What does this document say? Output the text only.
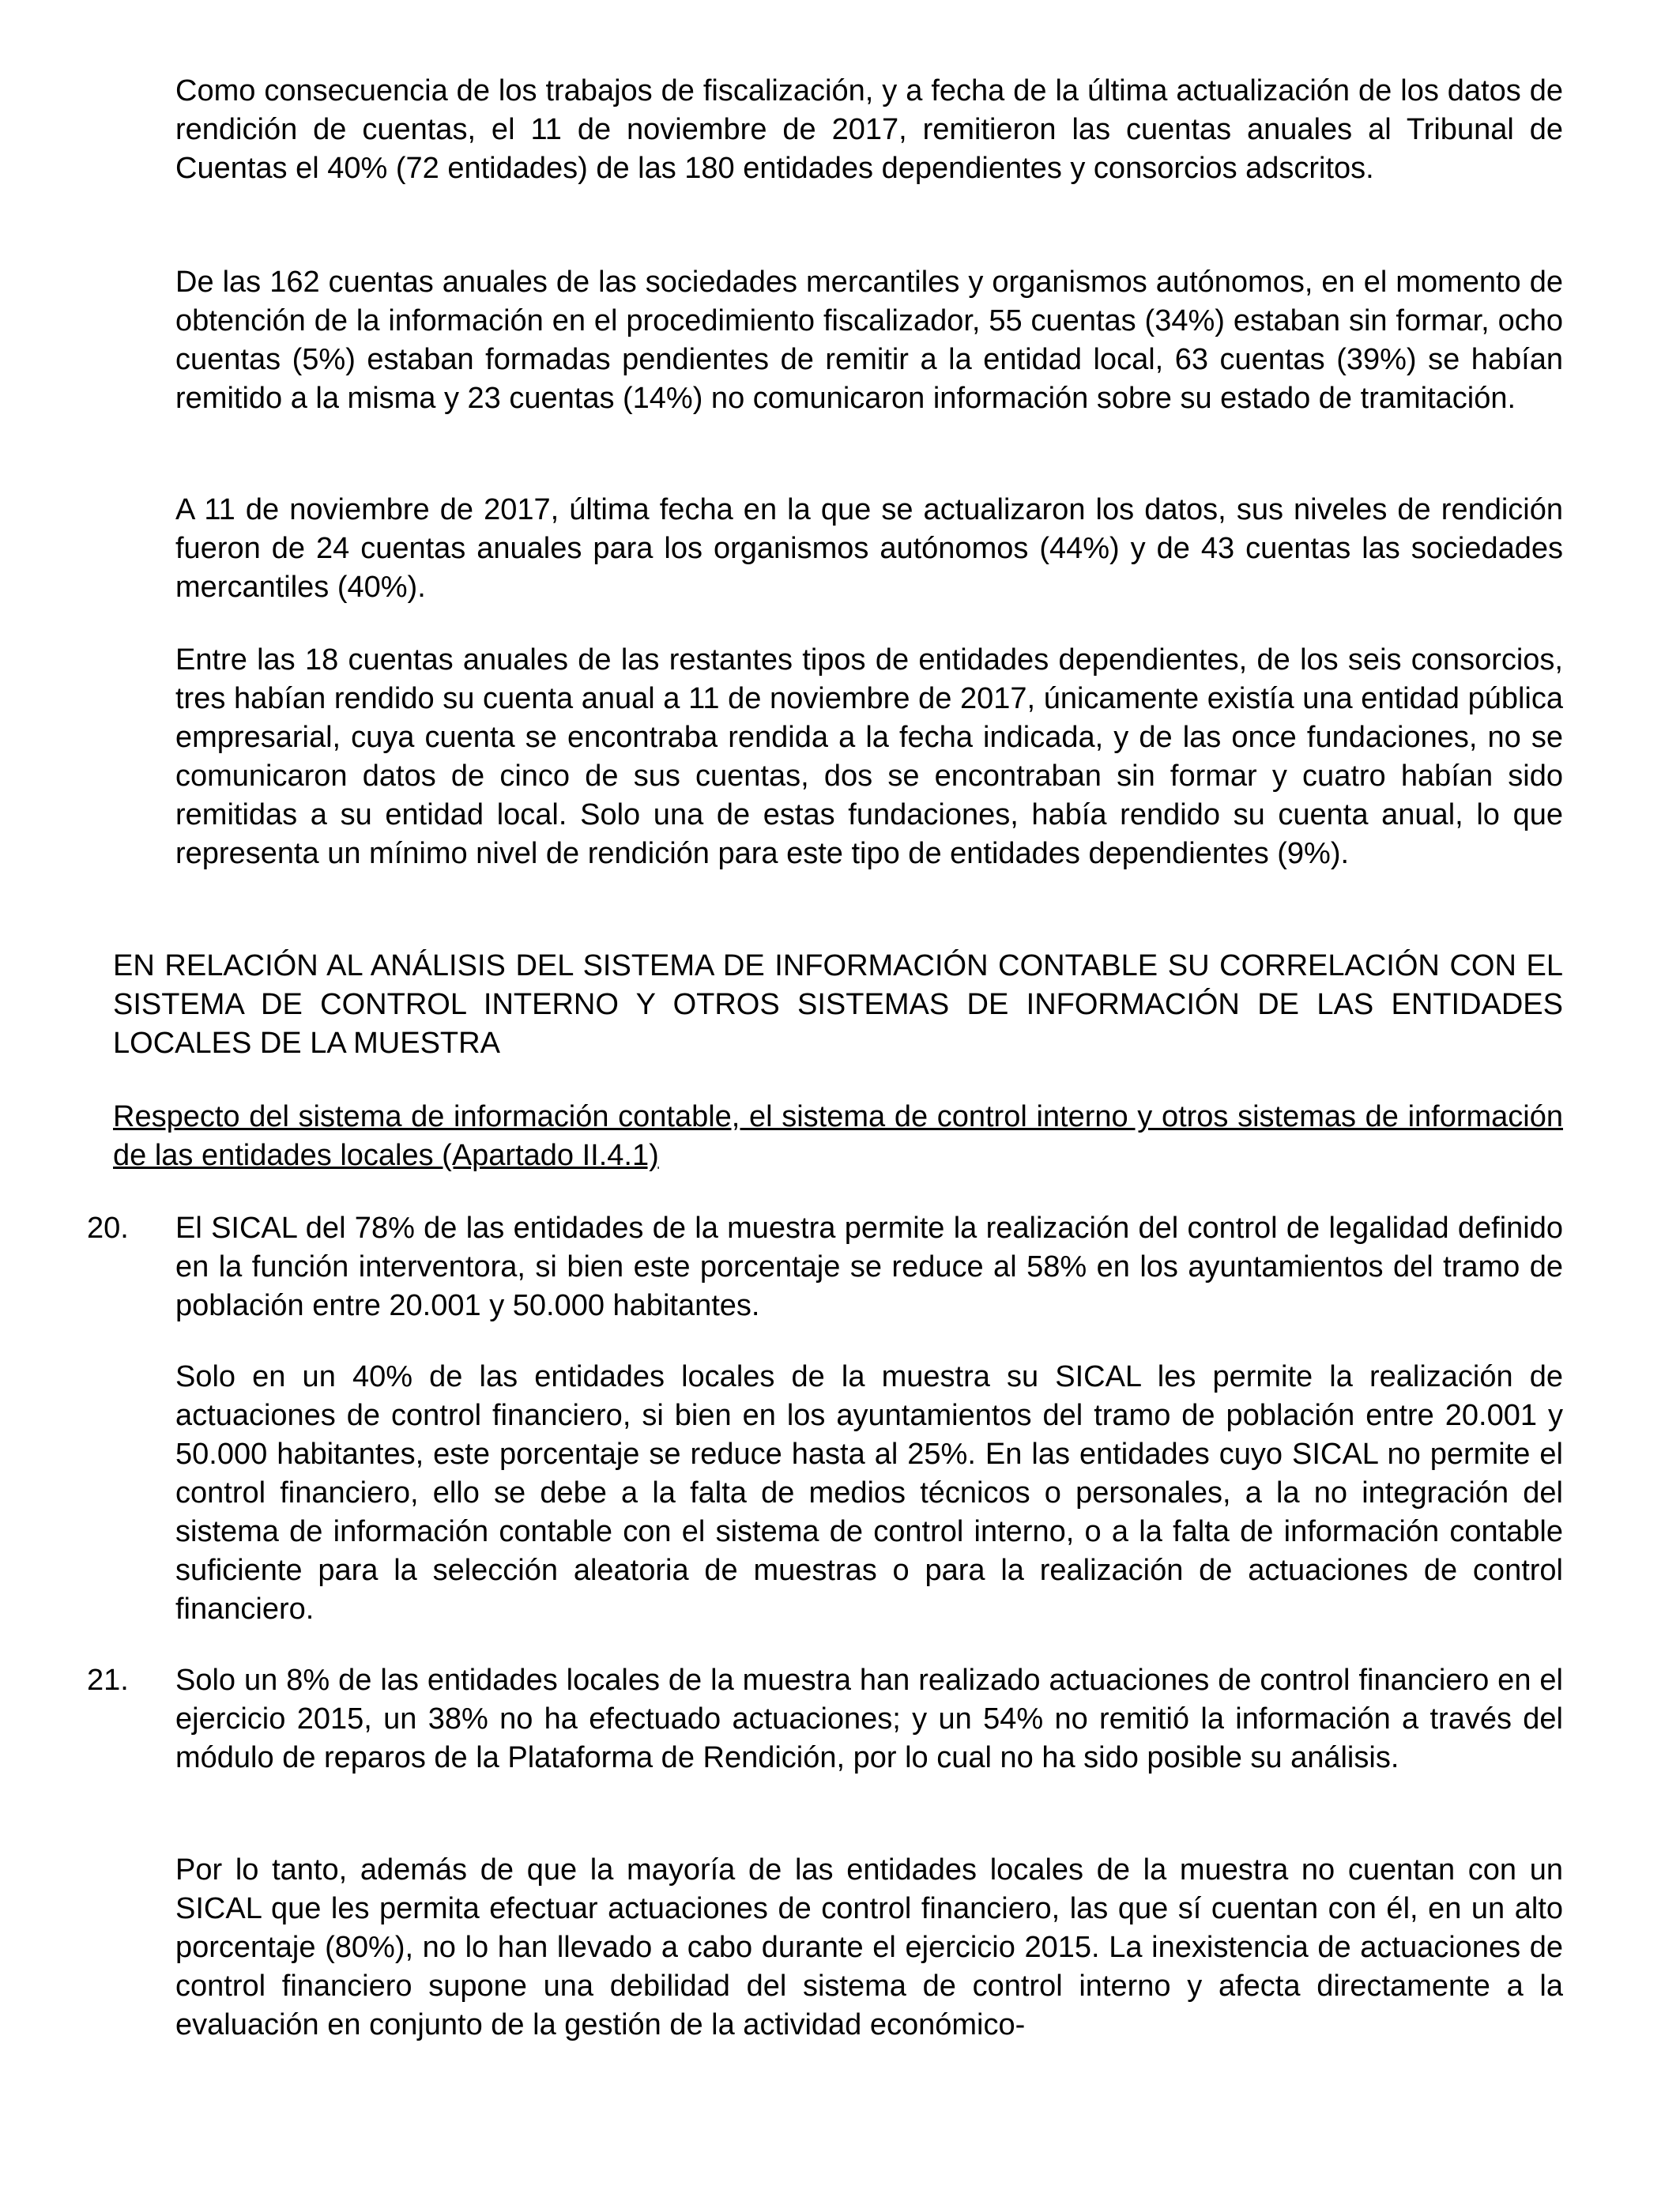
Como consecuencia de los trabajos de fiscalización, y a fecha de la última actualización de los datos de rendición de cuentas, el 11 de noviembre de 2017, remitieron las cuentas anuales al Tribunal de Cuentas el 40% (72 entidades) de las 180 entidades dependientes y consorcios adscritos.

De las 162 cuentas anuales de las sociedades mercantiles y organismos autónomos, en el momento de obtención de la información en el procedimiento fiscalizador, 55 cuentas (34%) estaban sin formar, ocho cuentas (5%) estaban formadas pendientes de remitir a la entidad local, 63 cuentas (39%) se habían remitido a la misma y 23 cuentas (14%) no comunicaron información sobre su estado de tramitación.

A 11 de noviembre de 2017, última fecha en la que se actualizaron los datos, sus niveles de rendición fueron de 24 cuentas anuales para los organismos autónomos (44%) y de 43 cuentas las sociedades mercantiles (40%).

Entre las 18 cuentas anuales de las restantes tipos de entidades dependientes, de los seis consorcios, tres habían rendido su cuenta anual a 11 de noviembre de 2017, únicamente existía una entidad pública empresarial, cuya cuenta se encontraba rendida a la fecha indicada, y de las once fundaciones, no se comunicaron datos de cinco de sus cuentas, dos se encontraban sin formar y cuatro habían sido remitidas a su entidad local. Solo una de estas fundaciones, había rendido su cuenta anual, lo que representa un mínimo nivel de rendición para este tipo de entidades dependientes (9%).

EN RELACIÓN AL ANÁLISIS DEL SISTEMA DE INFORMACIÓN CONTABLE SU CORRELACIÓN CON EL SISTEMA DE CONTROL INTERNO Y OTROS SISTEMAS DE INFORMACIÓN DE LAS ENTIDADES LOCALES DE LA MUESTRA

Respecto del sistema de información contable, el sistema de control interno y otros sistemas de información de las entidades locales (Apartado II.4.1)

20. El SICAL del 78% de las entidades de la muestra permite la realización del control de legalidad definido en la función interventora, si bien este porcentaje se reduce al 58% en los ayuntamientos del tramo de población entre 20.001 y 50.000 habitantes.

Solo en un 40% de las entidades locales de la muestra su SICAL les permite la realización de actuaciones de control financiero, si bien en los ayuntamientos del tramo de población entre 20.001 y 50.000 habitantes, este porcentaje se reduce hasta al 25%. En las entidades cuyo SICAL no permite el control financiero, ello se debe a la falta de medios técnicos o personales, a la no integración del sistema de información contable con el sistema de control interno, o a la falta de información contable suficiente para la selección aleatoria de muestras o para la realización de actuaciones de control financiero.

21. Solo un 8% de las entidades locales de la muestra han realizado actuaciones de control financiero en el ejercicio 2015, un 38% no ha efectuado actuaciones; y un 54% no remitió la información a través del módulo de reparos de la Plataforma de Rendición, por lo cual no ha sido posible su análisis.

Por lo tanto, además de que la mayoría de las entidades locales de la muestra no cuentan con un SICAL que les permita efectuar actuaciones de control financiero, las que sí cuentan con él, en un alto porcentaje (80%), no lo han llevado a cabo durante el ejercicio 2015. La inexistencia de actuaciones de control financiero supone una debilidad del sistema de control interno y afecta directamente a la evaluación en conjunto de la gestión de la actividad económico-
